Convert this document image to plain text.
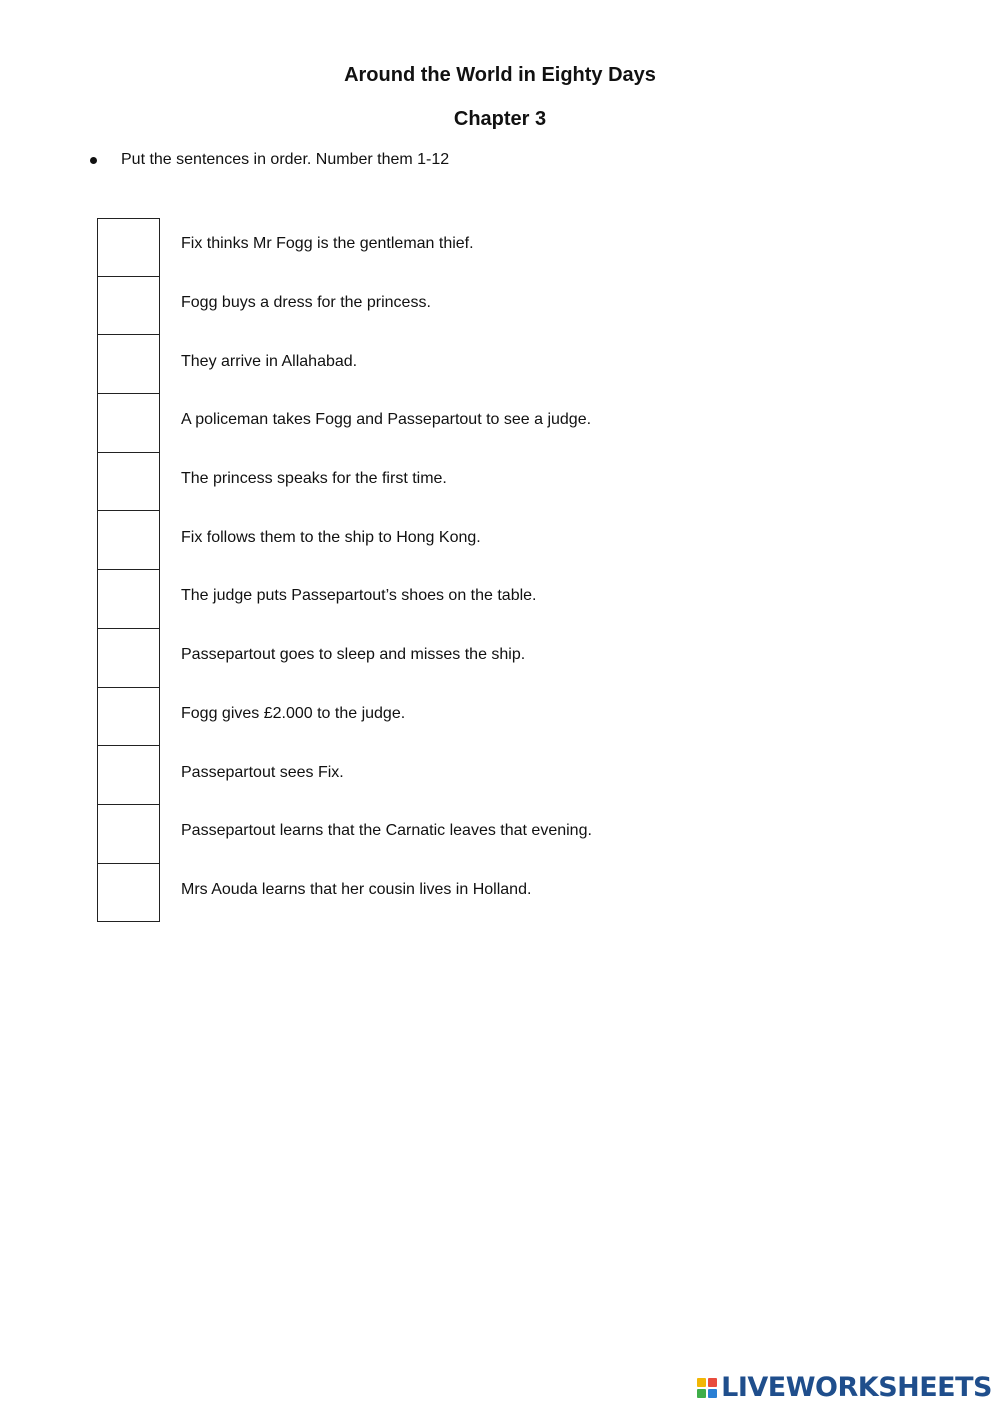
Around the World in Eighty Days
Chapter 3
Put the sentences in order. Number them 1-12
Fix thinks Mr Fogg is the gentleman thief.
Fogg buys a dress for the princess.
They arrive in Allahabad.
A policeman takes Fogg and Passepartout to see a judge.
The princess speaks for the first time.
Fix follows them to the ship to Hong Kong.
The judge puts Passepartout’s shoes on the table.
Passepartout goes to sleep and misses the ship.
Fogg gives £2.000 to the judge.
Passepartout sees Fix.
Passepartout learns that the Carnatic leaves that evening.
Mrs Aouda learns that her cousin lives in Holland.
LIVEWORKSHEETS
